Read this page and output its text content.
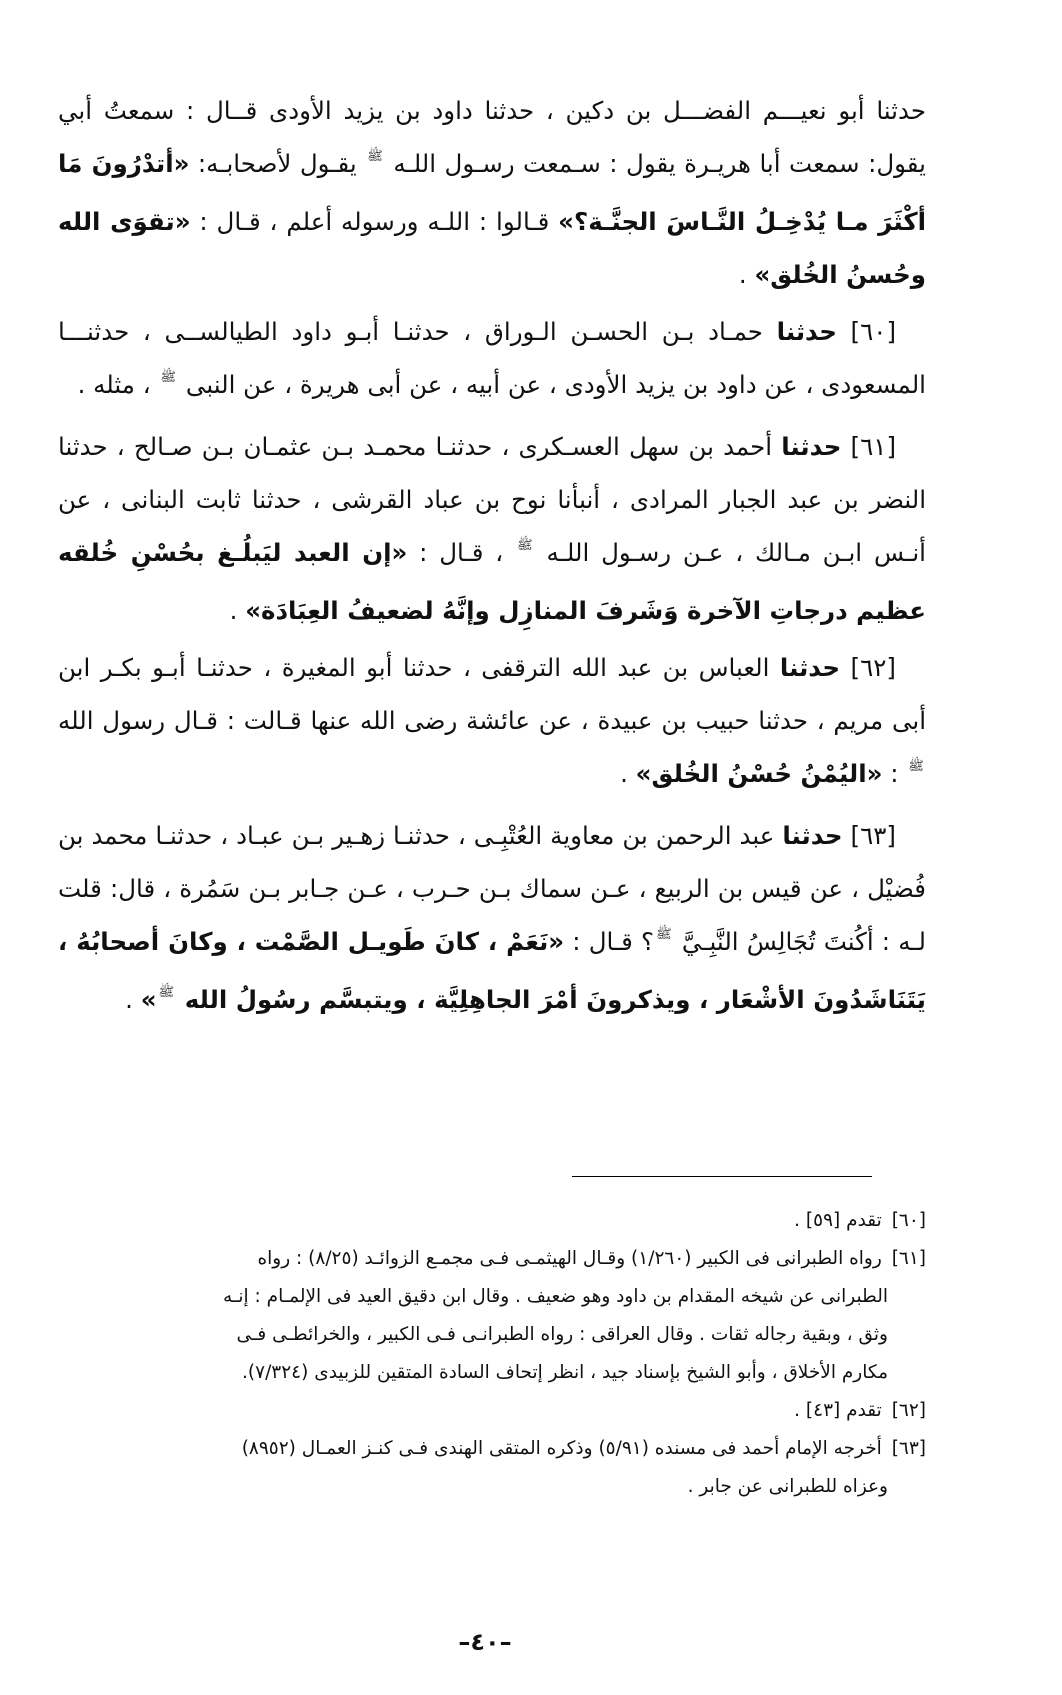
حدثنا أبو نعيـــم الفضـــل بن دكين ، حدثنا داود بن يزيد الأودى قــال : سمعتُ أبي يقول: سمعت أبا هريـرة يقول : سـمعت رسـول اللـه $^ﷺ$ يقـول لأصحابـه: «أتدْرُونَ مَا أكْثَرَ مـا يُدْخِـلُ النَّـاسَ الجنَّـة؟» قـالوا : اللـه ورسوله أعلم ، قـال : «تقوَى الله وحُسنُ الخُلق» .

[٦٠] حدثنا حمـاد بـن الحسـن الـوراق ، حدثنـا أبـو داود الطيالســى ، حدثنـــا المسعودى ، عن داود بن يزيد الأودى ، عن أبيه ، عن أبى هريرة ، عن النبى $^ﷺ$ ، مثله .

[٦١] حدثنا أحمد بن سهل العسـكرى ، حدثنـا محمـد بـن عثمـان بـن صـالح ، حدثنا النضر بن عبد الجبار المرادى ، أنبأنا نوح بن عباد القرشى ، حدثنا ثابت البنانى ، عن أنـس ابـن مـالك ، عـن رسـول اللـه $^ﷺ$ ، قـال : «إن العبد ليَبلُـغ بحُسْنِ خُلقه عظيم درجاتِ الآخرة وَشَرفَ المنازِل وإنَّهُ لضعيفُ العِبَادَة» .

[٦٢] حدثنا العباس بن عبد الله الترقفى ، حدثنا أبو المغيرة ، حدثنـا أبـو بكـر ابن أبى مريم ، حدثنا حبيب بن عبيدة ، عن عائشة رضى الله عنها قـالت : قـال رسول الله $^ﷺ$ : «اليُمْنُ حُسْنُ الخُلق» .

[٦٣] حدثنا عبد الرحمن بن معاوية العُتْبِـى ، حدثنـا زهـير بـن عبـاد ، حدثنـا محمد بن فُضيْل ، عن قيس بن الربيع ، عـن سماك بـن حـرب ، عـن جـابر بـن سَمُرة ، قال: قلت لـه : أكُنتَ تُجَالِسُ النَّبِـيَّ $^ﷺ$؟ قـال : «نَعَمْ ، كانَ طَويـل الصَّمْت ، وكانَ أصحابُهُ ، يَتَنَاشَدُونَ الأشْعَار ، ويذكرونَ أمْرَ الجاهِلِيَّة ، ويتبسَّم رسُولُ الله $^ﷺ$» .

[٦٠] تقدم [٥٩] .

[٦١] رواه الطبرانى فى الكبير (١/٢٦٠) وقـال الهيثمـى فـى مجمـع الزوائـد (٨/٢٥) : رواه

الطبرانى عن شيخه المقدام بن داود وهو ضعيف . وقال ابن دقيق العيد فى الإلمـام : إنـه

وثق ، وبقية رجاله ثقات . وقال العراقى : رواه الطبرانـى فـى الكبير ، والخرائطـى فـى

مكارم الأخلاق ، وأبو الشيخ بإسناد جيد ، انظر إتحاف السادة المتقين للزبيدى (٧/٣٢٤).

[٦٢] تقدم [٤٣] .

[٦٣] أخرجه الإمام أحمد فى مسنده (٥/٩١) وذكره المتقى الهندى فـى كنـز العمـال (٨٩٥٢)

وعزاه للطبرانى عن جابر .

–٤٠–
